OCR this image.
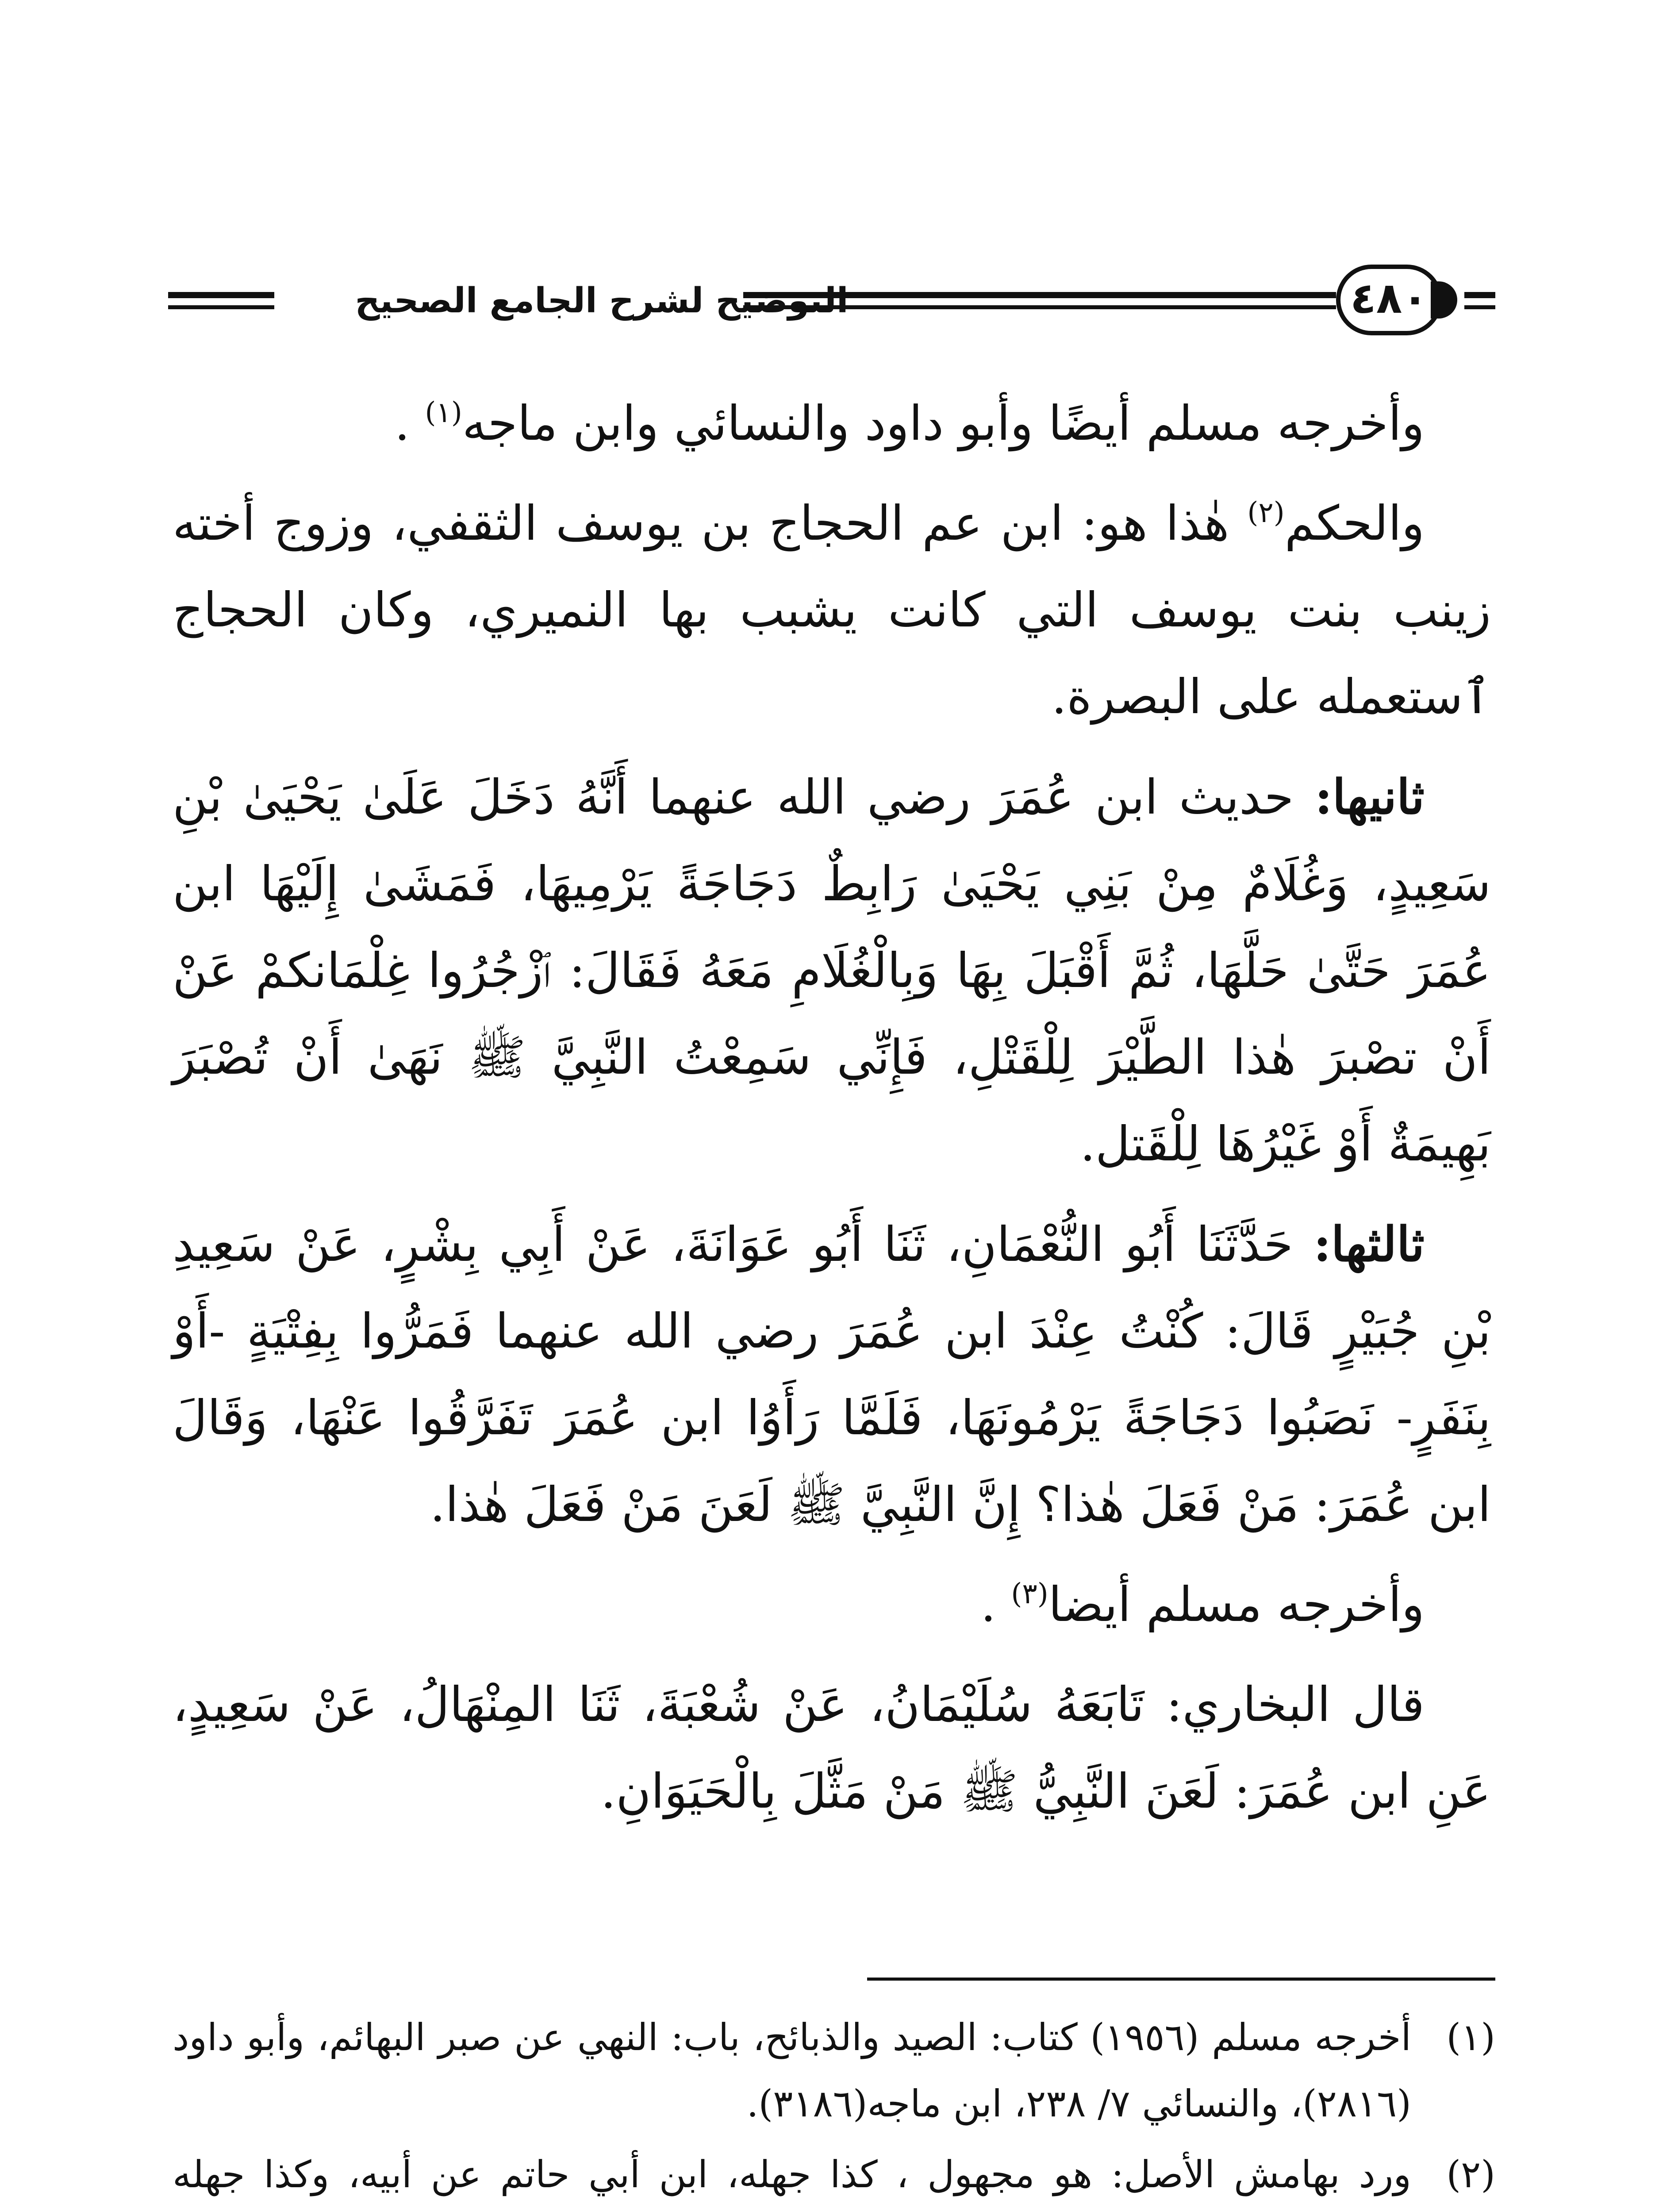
التوضيح لشرح الجامع الصحيح	٤٨٠

وأخرجه مسلم أيضًا وأبو داود والنسائي وابن ماجه$^{(١)}$ .

والحكم$^{(٢)}$ هٰذا هو: ابن عم الحجاج بن يوسف الثقفي، وزوج أخته زينب بنت يوسف التي كانت يشبب بها النميري، وكان الحجاج ٱستعمله على البصرة.

ثانيها: حديث ابن عُمَرَ رضي الله عنهما أَنَّهُ دَخَلَ عَلَىٰ يَحْيَىٰ بْنِ سَعِيدٍ، وَغُلَامٌ مِنْ بَنِي يَحْيَىٰ رَابِطٌ دَجَاجَةً يَرْمِيهَا، فَمَشَىٰ إِلَيْهَا ابن عُمَرَ حَتَّىٰ حَلَّهَا، ثُمَّ أَقْبَلَ بِهَا وَبِالْغُلَامِ مَعَهُ فَقَالَ: ٱزْجُرُوا غِلْمَانكمْ عَنْ أَنْ تصْبرَ هٰذا الطَّيْرَ لِلْقَتْلِ، فَإِنِّي سَمِعْتُ النَّبِيَّ ﷺ نَهَىٰ أَنْ تُصْبَرَ بَهِيمَةٌ أَوْ غَيْرُهَا لِلْقَتل.

ثالثها: حَدَّثَنَا أَبُو النُّعْمَانِ، ثَنَا أَبُو عَوَانَةَ، عَنْ أَبِي بِشْرٍ، عَنْ سَعِيدِ بْنِ جُبَيْرٍ قَالَ: كُنْتُ عِنْدَ ابن عُمَرَ رضي الله عنهما فَمَرُّوا بِفِتْيَةٍ -أَوْ بِنَفَرٍ- نَصَبُوا دَجَاجَةً يَرْمُونَهَا، فَلَمَّا رَأَوُا ابن عُمَرَ تَفَرَّقُوا عَنْهَا، وَقَالَ ابن عُمَرَ: مَنْ فَعَلَ هٰذا؟ إِنَّ النَّبِيَّ ﷺ لَعَنَ مَنْ فَعَلَ هٰذا.

وأخرجه مسلم أيضا$^{(٣)}$ .

قال البخاري: تَابَعَهُ سُلَيْمَانُ، عَنْ شُعْبَةَ، ثَنَا المِنْهَالُ، عَنْ سَعِيدٍ، عَنِ ابن عُمَرَ: لَعَنَ النَّبِيُّ ﷺ مَنْ مَثَّلَ بِالْحَيَوَانِ.

(١)
أخرجه مسلم (١٩٥٦) كتاب: الصيد والذبائح، باب: النهي عن صبر البهائم، وأبو داود (٢٨١٦)، والنسائي ٧/ ٢٣٨، ابن ماجه(٣١٨٦).
(٢)
ورد بهامش الأصل: هو مجهول ، كذا جهله، ابن أبي حاتم عن أبيه، وكذا جهله
